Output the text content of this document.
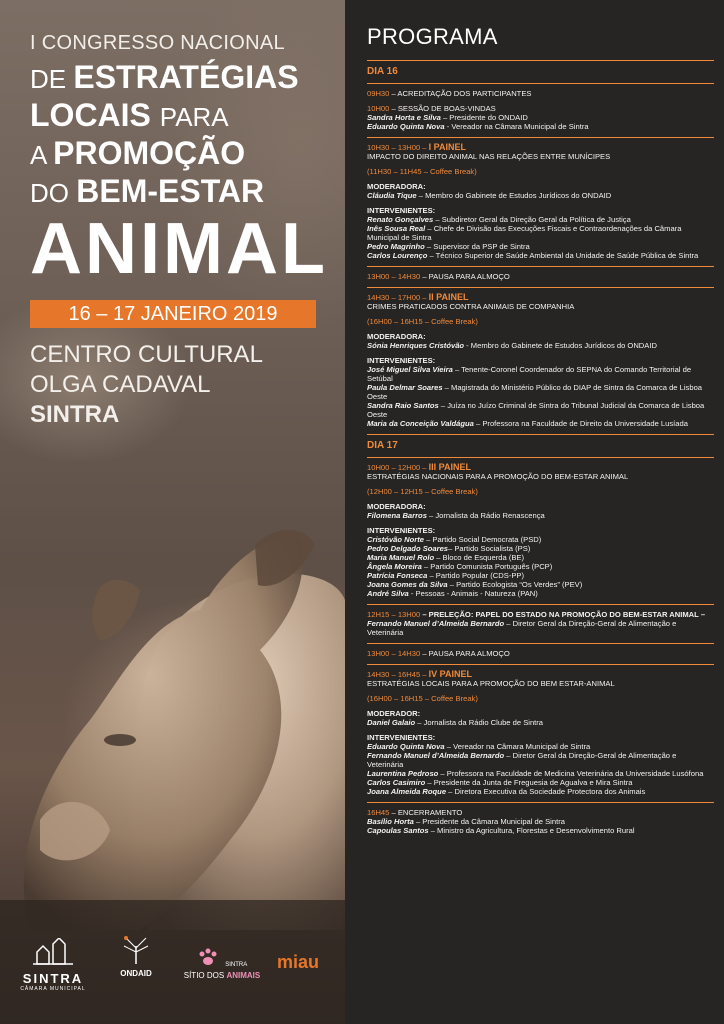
I CONGRESSO NACIONAL
DE ESTRATÉGIAS
LOCAIS PARA
A PROMOÇÃO
DO BEM-ESTAR
ANIMAL
16 – 17 JANEIRO 2019
CENTRO CULTURAL
OLGA CADAVAL
SINTRA
SINTRA
CÂMARA MUNICIPAL
ONDAID
SINTRA
SÍTIO DOS ANIMAIS
miau
PROGRAMA
DIA 16
09H30 – ACREDITAÇÃO DOS PARTICIPANTES
10H00 – SESSÃO DE BOAS-VINDAS
Sandra Horta e Silva – Presidente do ONDAID
Eduardo Quinta Nova - Vereador na Câmara Municipal de Sintra
10H30 – 13H00 – I PAINEL
IMPACTO DO DIREITO ANIMAL NAS RELAÇÕES ENTRE MUNÍCIPES
(11H30 – 11H45 – Coffee Break)
MODERADORA:
Cláudia Tique – Membro do Gabinete de Estudos Jurídicos do ONDAID
INTERVENIENTES:
Renato Gonçalves – Subdiretor Geral da Direção Geral da Política de Justiça
Inês Sousa Real – Chefe de Divisão das Execuções Fiscais e Contraordenações da Câmara Municipal de Sintra
Pedro Magrinho – Supervisor da PSP de Sintra
Carlos Lourenço – Técnico Superior de Saúde Ambiental da Unidade de Saúde Pública de Sintra
13H00 – 14H30 – PAUSA PARA ALMOÇO
14H30 – 17H00 – II PAINEL
CRIMES PRATICADOS CONTRA ANIMAIS DE COMPANHIA
(16H00 – 16H15 – Coffee Break)
MODERADORA:
Sónia Henriques Cristóvão - Membro do Gabinete de Estudos Jurídicos do ONDAID
INTERVENIENTES:
José Miguel Silva Vieira – Tenente-Coronel Coordenador do SEPNA do Comando Territorial de Setúbal
Paula Delmar Soares – Magistrada do Ministério Público do DIAP de Sintra da Comarca de Lisboa Oeste
Sandra Raio Santos – Juíza no Juízo Criminal de Sintra do Tribunal Judicial da Comarca de Lisboa Oeste
Maria da Conceição Valdágua – Professora na Faculdade de Direito da Universidade Lusíada
DIA 17
10H00 – 12H00 – III PAINEL
ESTRATÉGIAS NACIONAIS PARA A PROMOÇÃO DO BEM-ESTAR ANIMAL
(12H00 – 12H15 – Coffee Break)
MODERADORA:
Filomena Barros – Jornalista da Rádio Renascença
INTERVENIENTES:
Cristóvão Norte – Partido Social Democrata (PSD)
Pedro Delgado Soares– Partido Socialista (PS)
Maria Manuel Rolo – Bloco de Esquerda (BE)
Ângela Moreira – Partido Comunista Português (PCP)
Patrícia Fonseca – Partido Popular (CDS-PP)
Joana Gomes da Silva – Partido Ecologista “Os Verdes” (PEV)
André Silva - Pessoas - Animais - Natureza (PAN)
12H15 – 13H00 – PRELEÇÃO: PAPEL DO ESTADO NA PROMOÇÃO DO BEM-ESTAR ANIMAL – Fernando Manuel d’Almeida Bernardo – Diretor Geral da Direção-Geral de Alimentação e Veterinária
13H00 – 14H30 – PAUSA PARA ALMOÇO
14H30 – 16H45 – IV PAINEL
ESTRATÉGIAS LOCAIS PARA A PROMOÇÃO DO BEM ESTAR-ANIMAL
(16H00 – 16H15 – Coffee Break)
MODERADOR:
Daniel Galaio – Jornalista da Rádio Clube de Sintra
INTERVENIENTES:
Eduardo Quinta Nova – Vereador na Câmara Municipal de Sintra
Fernando Manuel d’Almeida Bernardo – Diretor Geral da Direção-Geral de Alimentação e Veterinária
Laurentina Pedroso – Professora na Faculdade de Medicina Veterinária da Universidade Lusófona
Carlos Casimiro – Presidente da Junta de Freguesia de Agualva e Mira Sintra
Joana Almeida Roque – Diretora Executiva da Sociedade Protectora dos Animais
16H45 – ENCERRAMENTO
Basílio Horta – Presidente da Câmara Municipal de Sintra
Capoulas Santos – Ministro da Agricultura, Florestas e Desenvolvimento Rural
